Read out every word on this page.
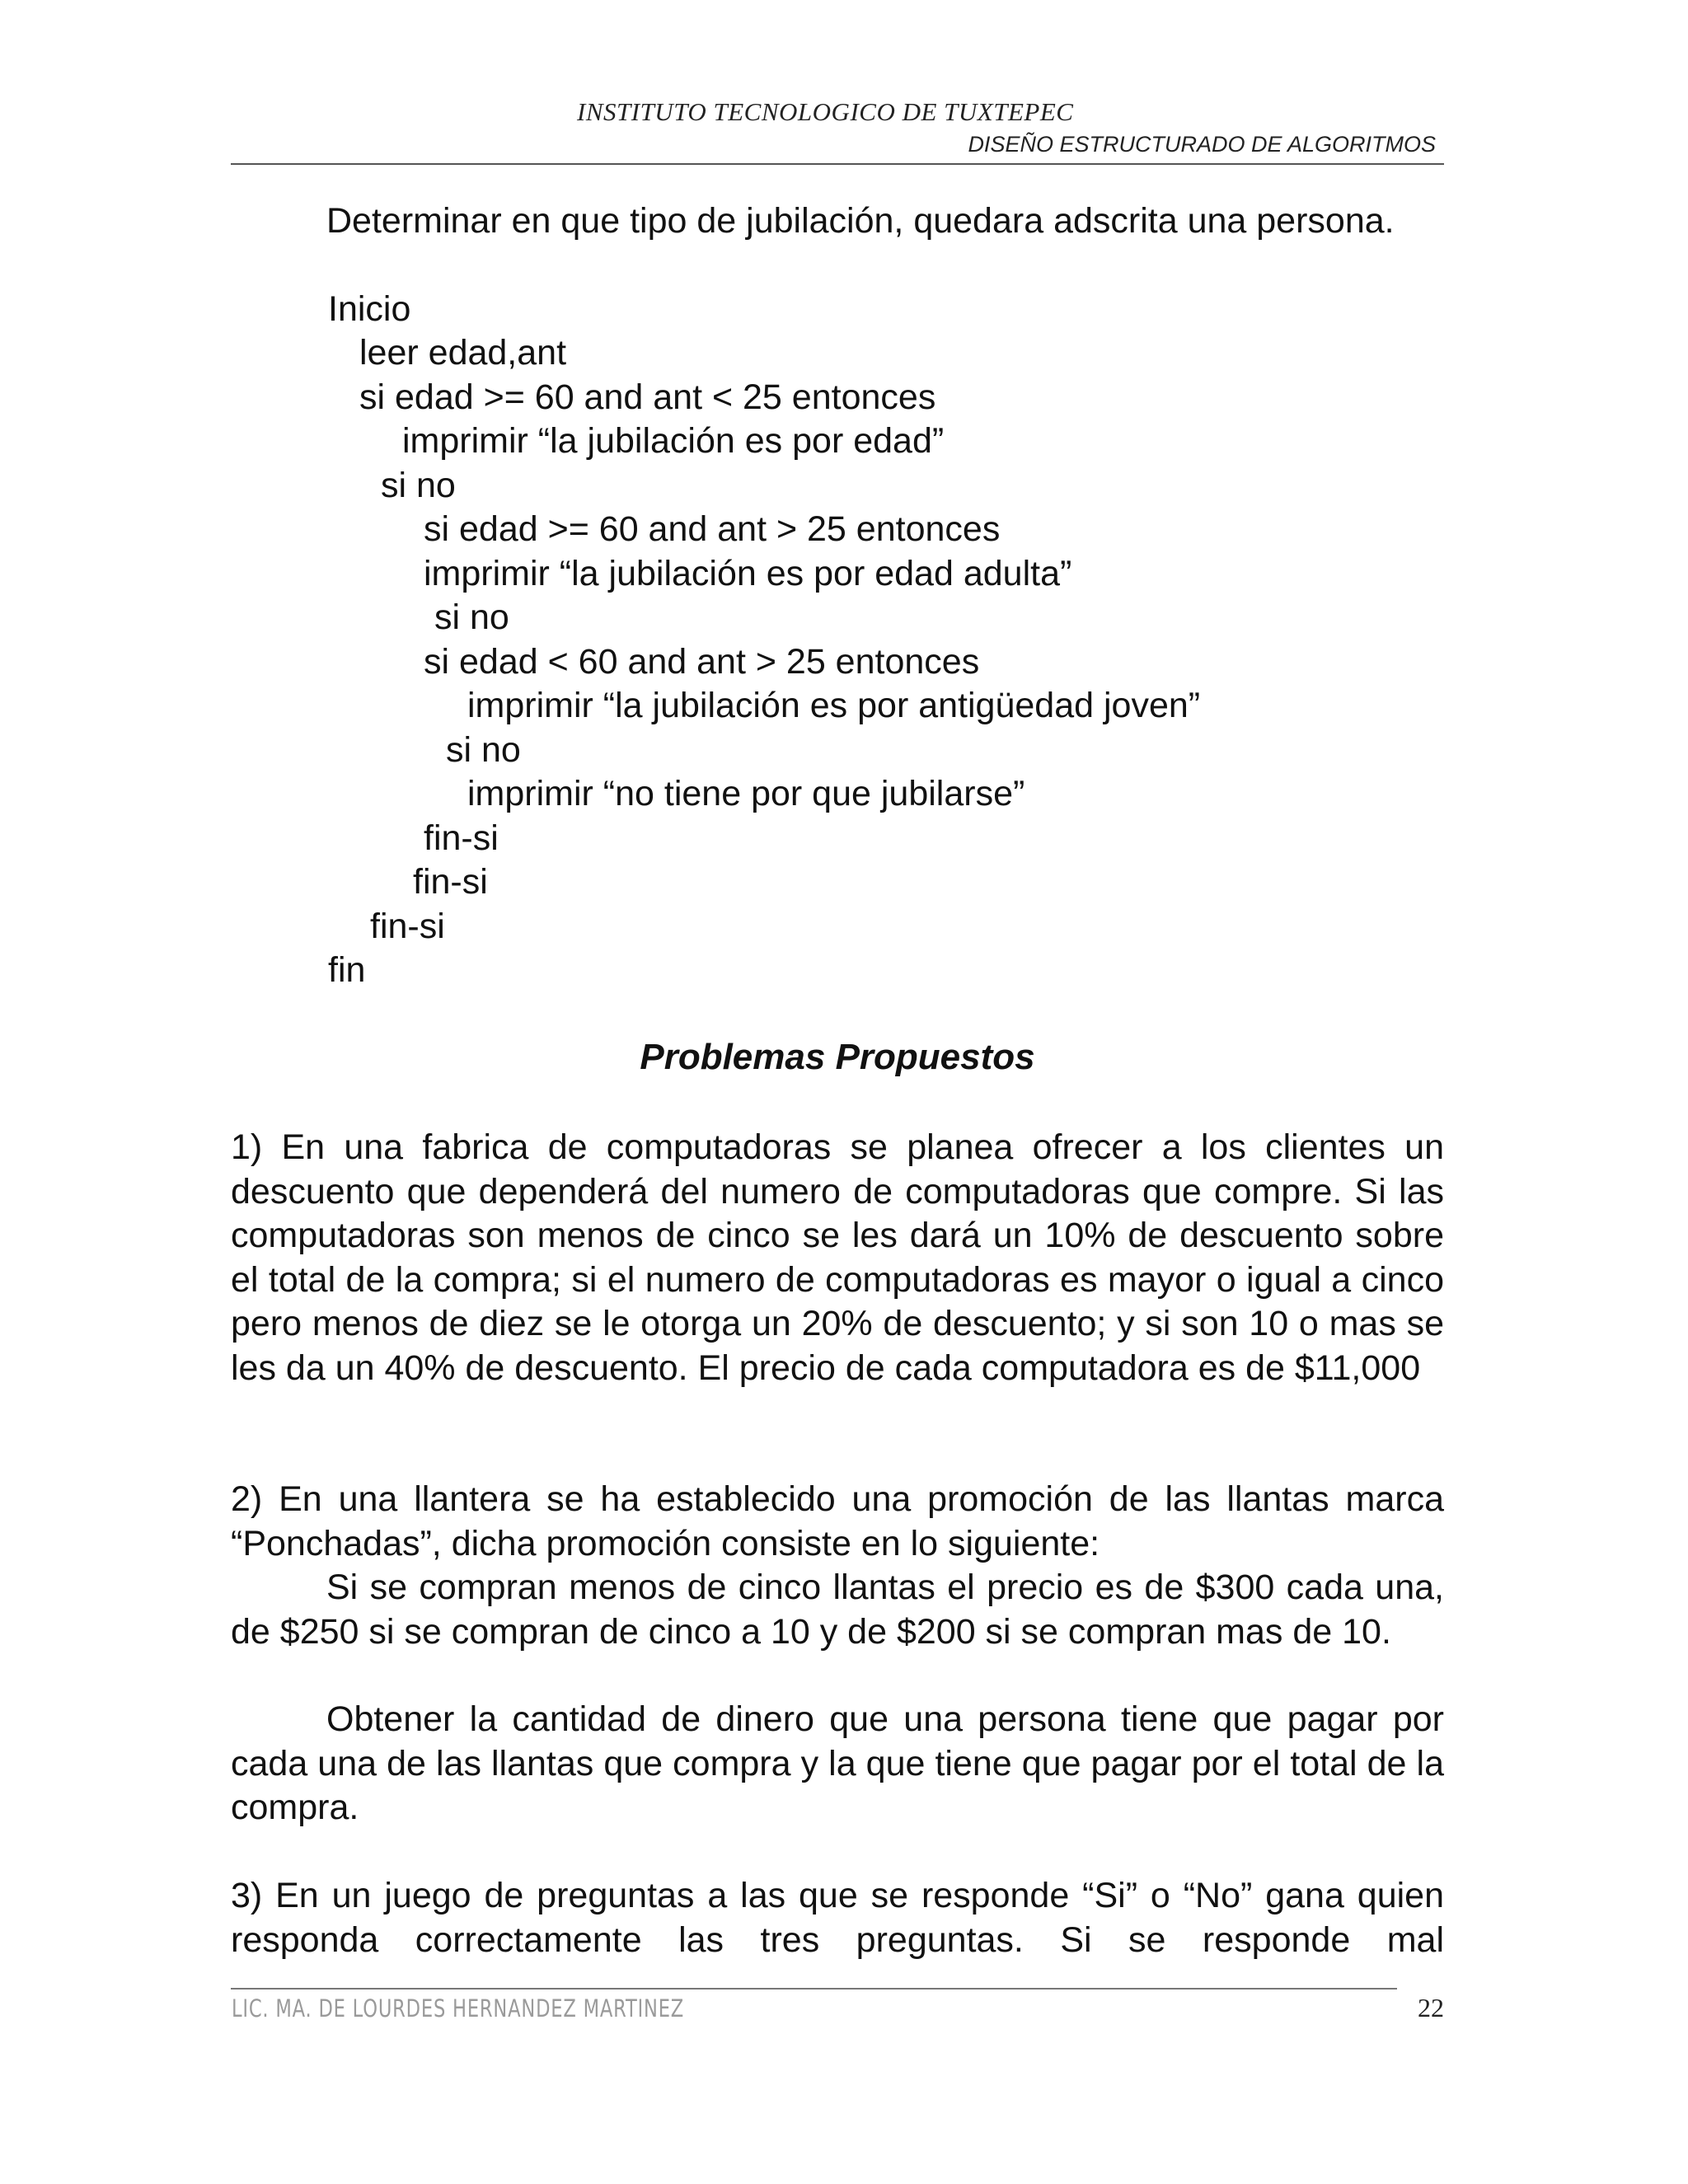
INSTITUTO TECNOLOGICO DE TUXTEPEC
DISEÑO ESTRUCTURADO DE ALGORITMOS

Determinar en que tipo de jubilación, quedara adscrita una persona.

Inicio
leer edad,ant
si edad >= 60 and ant < 25 entonces
imprimir “la jubilación es por edad”
si no
si edad >= 60 and ant > 25 entonces
imprimir “la jubilación es por edad adulta”
si no
si edad < 60 and ant > 25 entonces
imprimir “la jubilación es por antigüedad joven”
si no
imprimir “no tiene por que jubilarse”
fin-si
fin-si
fin-si
fin
Problemas Propuestos

1) En una fabrica de computadoras se planea ofrecer a los clientes un descuento que dependerá del numero de computadoras que compre. Si las computadoras son menos de cinco se les dará un 10% de descuento sobre el total de la compra; si el numero de computadoras es mayor o igual a cinco pero menos de diez se le otorga un 20% de descuento; y si son 10 o mas se les da un 40% de descuento. El precio de cada computadora es de $11,000

2) En una llantera se ha establecido una promoción de las llantas marca “Ponchadas”, dicha promoción consiste en lo siguiente:

Si se compran menos de cinco llantas el precio es de $300 cada una, de $250 si se compran de cinco a 10 y de $200 si se compran mas de 10.

Obtener la cantidad de dinero que una persona tiene que pagar por cada una de las llantas que compra y la que tiene que pagar por el total de la compra.

3) En un juego de preguntas a las que se responde “Si” o “No” gana quien responda correctamente las tres preguntas. Si se responde mal

LIC. MA. DE LOURDES HERNANDEZ MARTINEZ	22
